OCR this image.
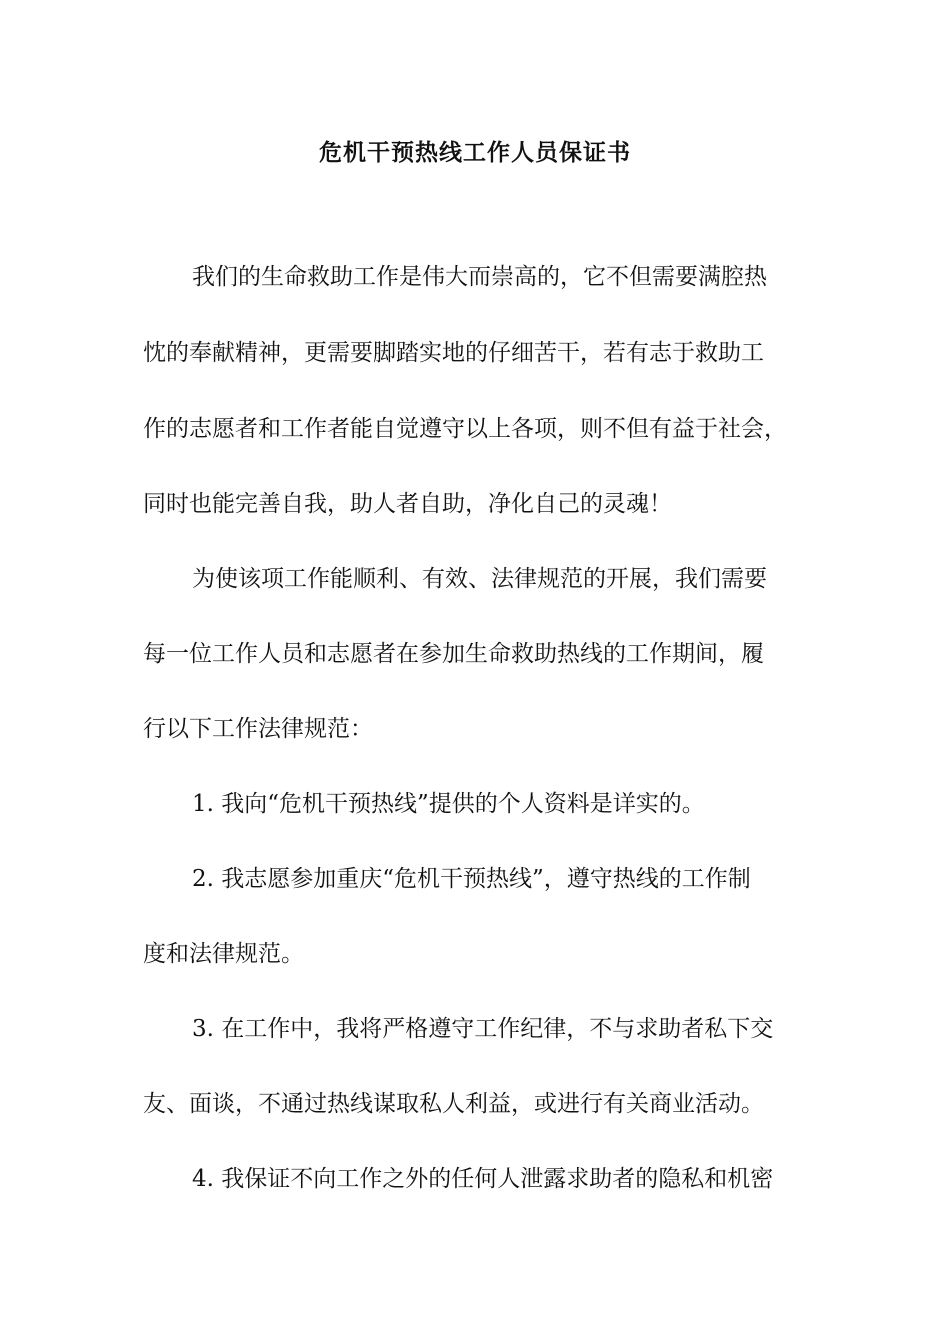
危机干预热线工作人员保证书

我们的生命救助工作是伟大而崇高的，它不但需要满腔热

忱的奉献精神，更需要脚踏实地的仔细苦干，若有志于救助工

作的志愿者和工作者能自觉遵守以上各项，则不但有益于社会，

同时也能完善自我，助人者自助，净化自己的灵魂！

为使该项工作能顺利、有效、法律规范的开展，我们需要

每一位工作人员和志愿者在参加生命救助热线的工作期间，履

行以下工作法律规范：

1. 我向“危机干预热线”提供的个人资料是详实的。

2. 我志愿参加重庆“危机干预热线”，遵守热线的工作制

度和法律规范。

3. 在工作中，我将严格遵守工作纪律，不与求助者私下交

友、面谈，不通过热线谋取私人利益，或进行有关商业活动。

4. 我保证不向工作之外的任何人泄露求助者的隐私和机密
